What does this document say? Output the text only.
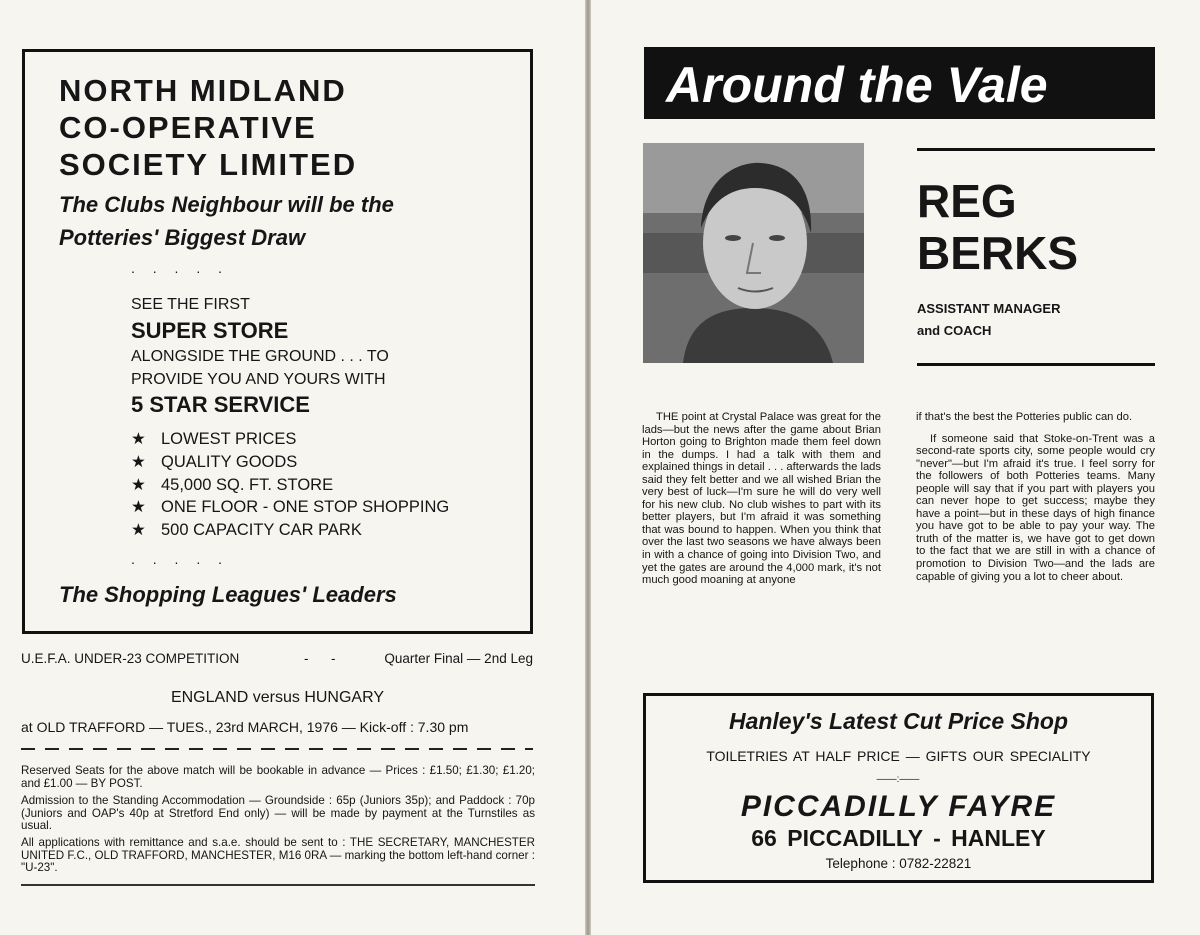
NORTH MIDLAND
CO-OPERATIVE
SOCIETY LIMITED
The Clubs Neighbour will be the
Potteries' Biggest Draw
. . . . .
SEE THE FIRST
SUPER STORE
ALONGSIDE THE GROUND . . . TO
PROVIDE YOU AND YOURS WITH
5 STAR SERVICE
★ LOWEST PRICES
★ QUALITY GOODS
★ 45,000 SQ. FT. STORE
★ ONE FLOOR - ONE STOP SHOPPING
★ 500 CAPACITY CAR PARK
. . . . .
The Shopping Leagues' Leaders
U.E.F.A. UNDER-23 COMPETITION	- -	Quarter Final — 2nd Leg
ENGLAND versus HUNGARY
at OLD TRAFFORD — TUES., 23rd MARCH, 1976 — Kick-off : 7.30 pm

Reserved Seats for the above match will be bookable in advance — Prices : £1.50; £1.30; £1.20; and £1.00 — BY POST.

Admission to the Standing Accommodation — Groundside : 65p (Juniors 35p); and Paddock : 70p (Juniors and OAP's 40p at Stretford End only) — will be made by payment at the Turnstiles as usual.

All applications with remittance and s.a.e. should be sent to : THE SECRETARY, MANCHESTER UNITED F.C., OLD TRAFFORD, MANCHESTER, M16 0RA — marking the bottom left-hand corner : "U-23".

Around the Vale
REG
BERKS
ASSISTANT MANAGER
and COACH

THE point at Crystal Palace was great for the lads—but the news after the game about Brian Horton going to Brighton made them feel down in the dumps. I had a talk with them and explained things in detail . . . afterwards the lads said they felt better and we all wished Brian the very best of luck—I'm sure he will do very well for his new club. No club wishes to part with its better players, but I'm afraid it was something that was bound to happen. When you think that over the last two seasons we have always been in with a chance of going into Division Two, and yet the gates are around the 4,000 mark, it's not much good moaning at anyone

if that's the best the Potteries public can do.

If someone said that Stoke-on-Trent was a second-rate sports city, some people would cry "never"—but I'm afraid it's true. I feel sorry for the followers of both Potteries teams. Many people will say that if you part with players you can never hope to get success; maybe they have a point—but in these days of high finance you have got to be able to pay your way. The truth of the matter is, we have got to get down to the fact that we are still in with a chance of promotion to Division Two—and the lads are capable of giving you a lot to cheer about.

Hanley's Latest Cut Price Shop
TOILETRIES AT HALF PRICE — GIFTS OUR SPECIALITY
——:——
PICCADILLY FAYRE
66 PICCADILLY - HANLEY
Telephone : 0782-22821
